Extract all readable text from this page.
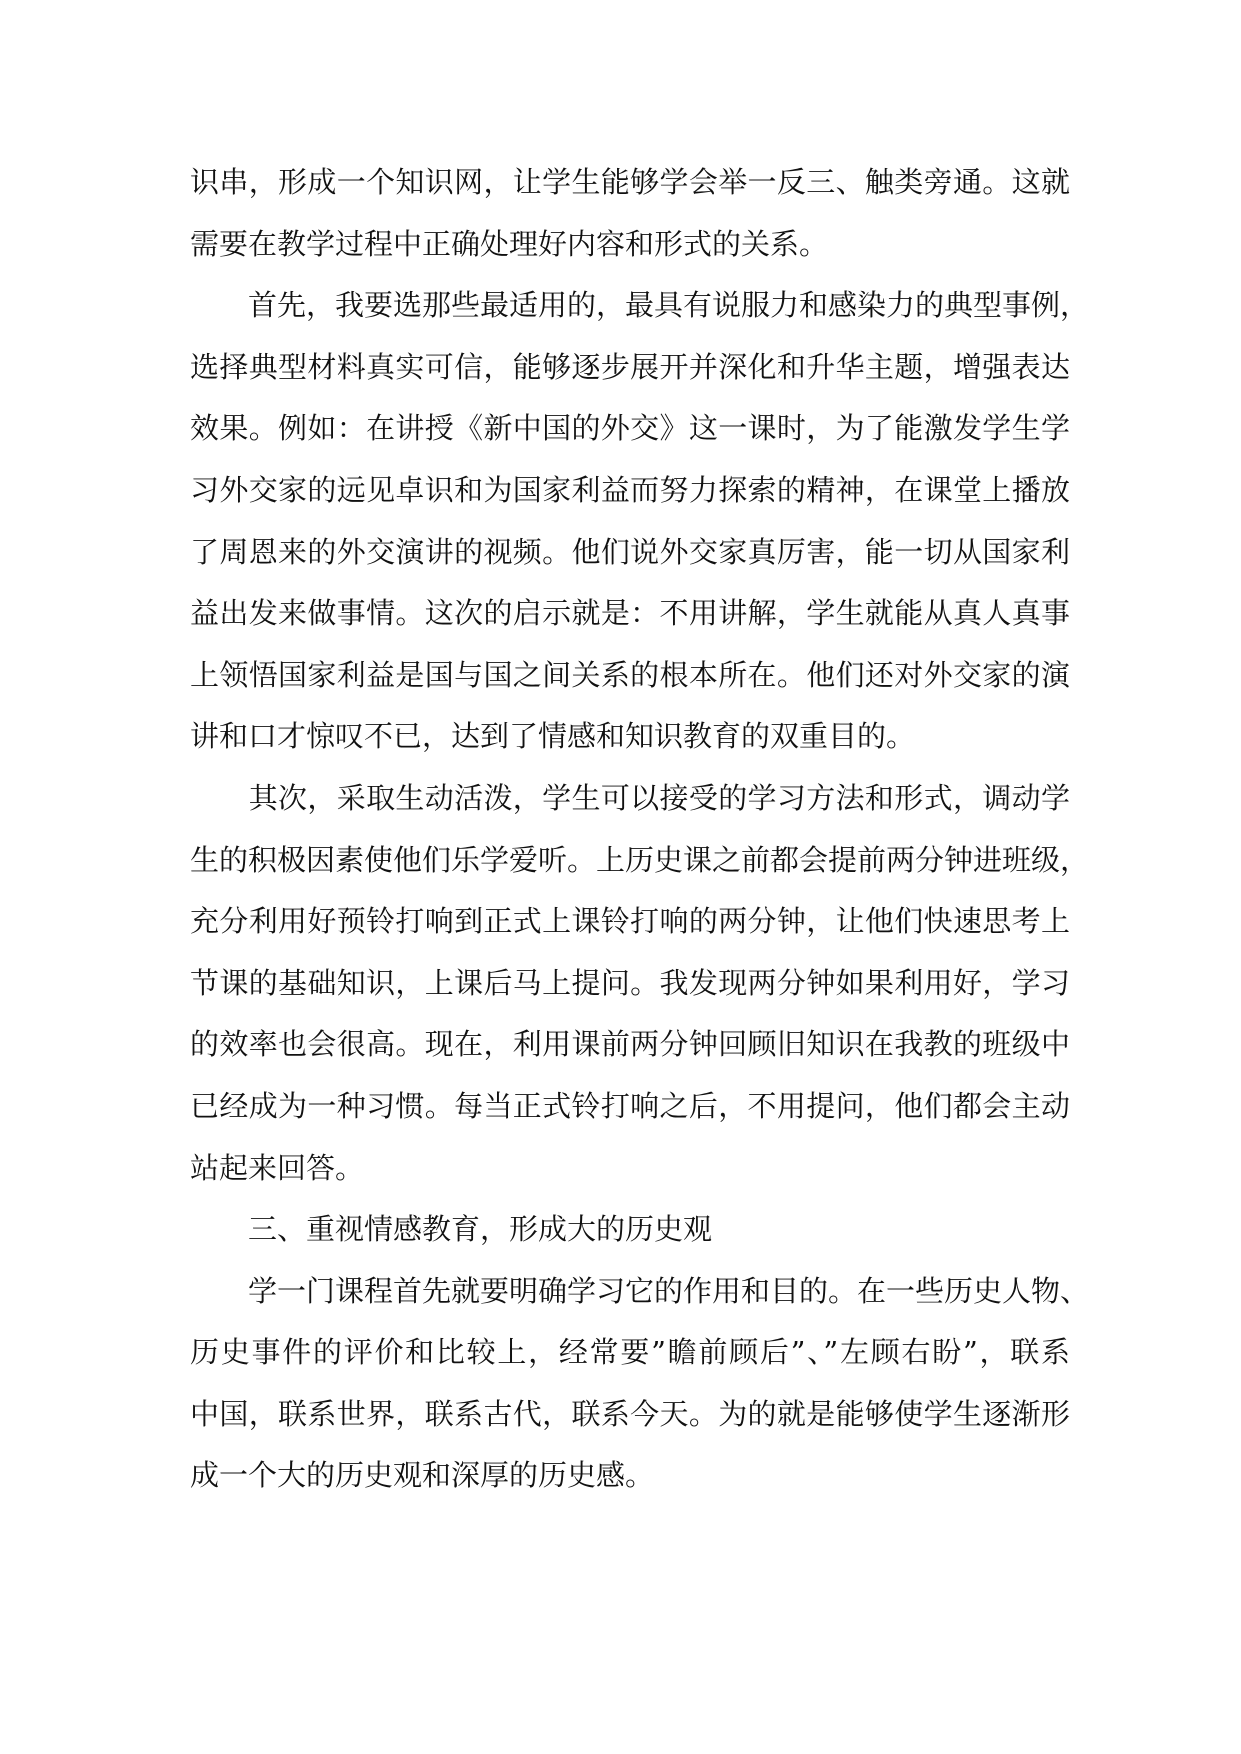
识串，形成一个知识网，让学生能够学会举一反三、触类旁通。这就
需要在教学过程中正确处理好内容和形式的关系。
　　首先，我要选那些最适用的，最具有说服力和感染力的典型事例，
选择典型材料真实可信，能够逐步展开并深化和升华主题，增强表达
效果。例如：在讲授《新中国的外交》这一课时，为了能激发学生学
习外交家的远见卓识和为国家利益而努力探索的精神，在课堂上播放
了周恩来的外交演讲的视频。他们说外交家真厉害，能一切从国家利
益出发来做事情。这次的启示就是：不用讲解，学生就能从真人真事
上领悟国家利益是国与国之间关系的根本所在。他们还对外交家的演
讲和口才惊叹不已，达到了情感和知识教育的双重目的。
　　其次，采取生动活泼，学生可以接受的学习方法和形式，调动学
生的积极因素使他们乐学爱听。上历史课之前都会提前两分钟进班级，
充分利用好预铃打响到正式上课铃打响的两分钟，让他们快速思考上
节课的基础知识，上课后马上提问。我发现两分钟如果利用好，学习
的效率也会很高。现在，利用课前两分钟回顾旧知识在我教的班级中
已经成为一种习惯。每当正式铃打响之后，不用提问，他们都会主动
站起来回答。
　　三、重视情感教育，形成大的历史观
　　学一门课程首先就要明确学习它的作用和目的。在一些历史人物、
历史事件的评价和比较上，经常要”瞻前顾后”、”左顾右盼”，联系
中国，联系世界，联系古代，联系今天。为的就是能够使学生逐渐形
成一个大的历史观和深厚的历史感。
